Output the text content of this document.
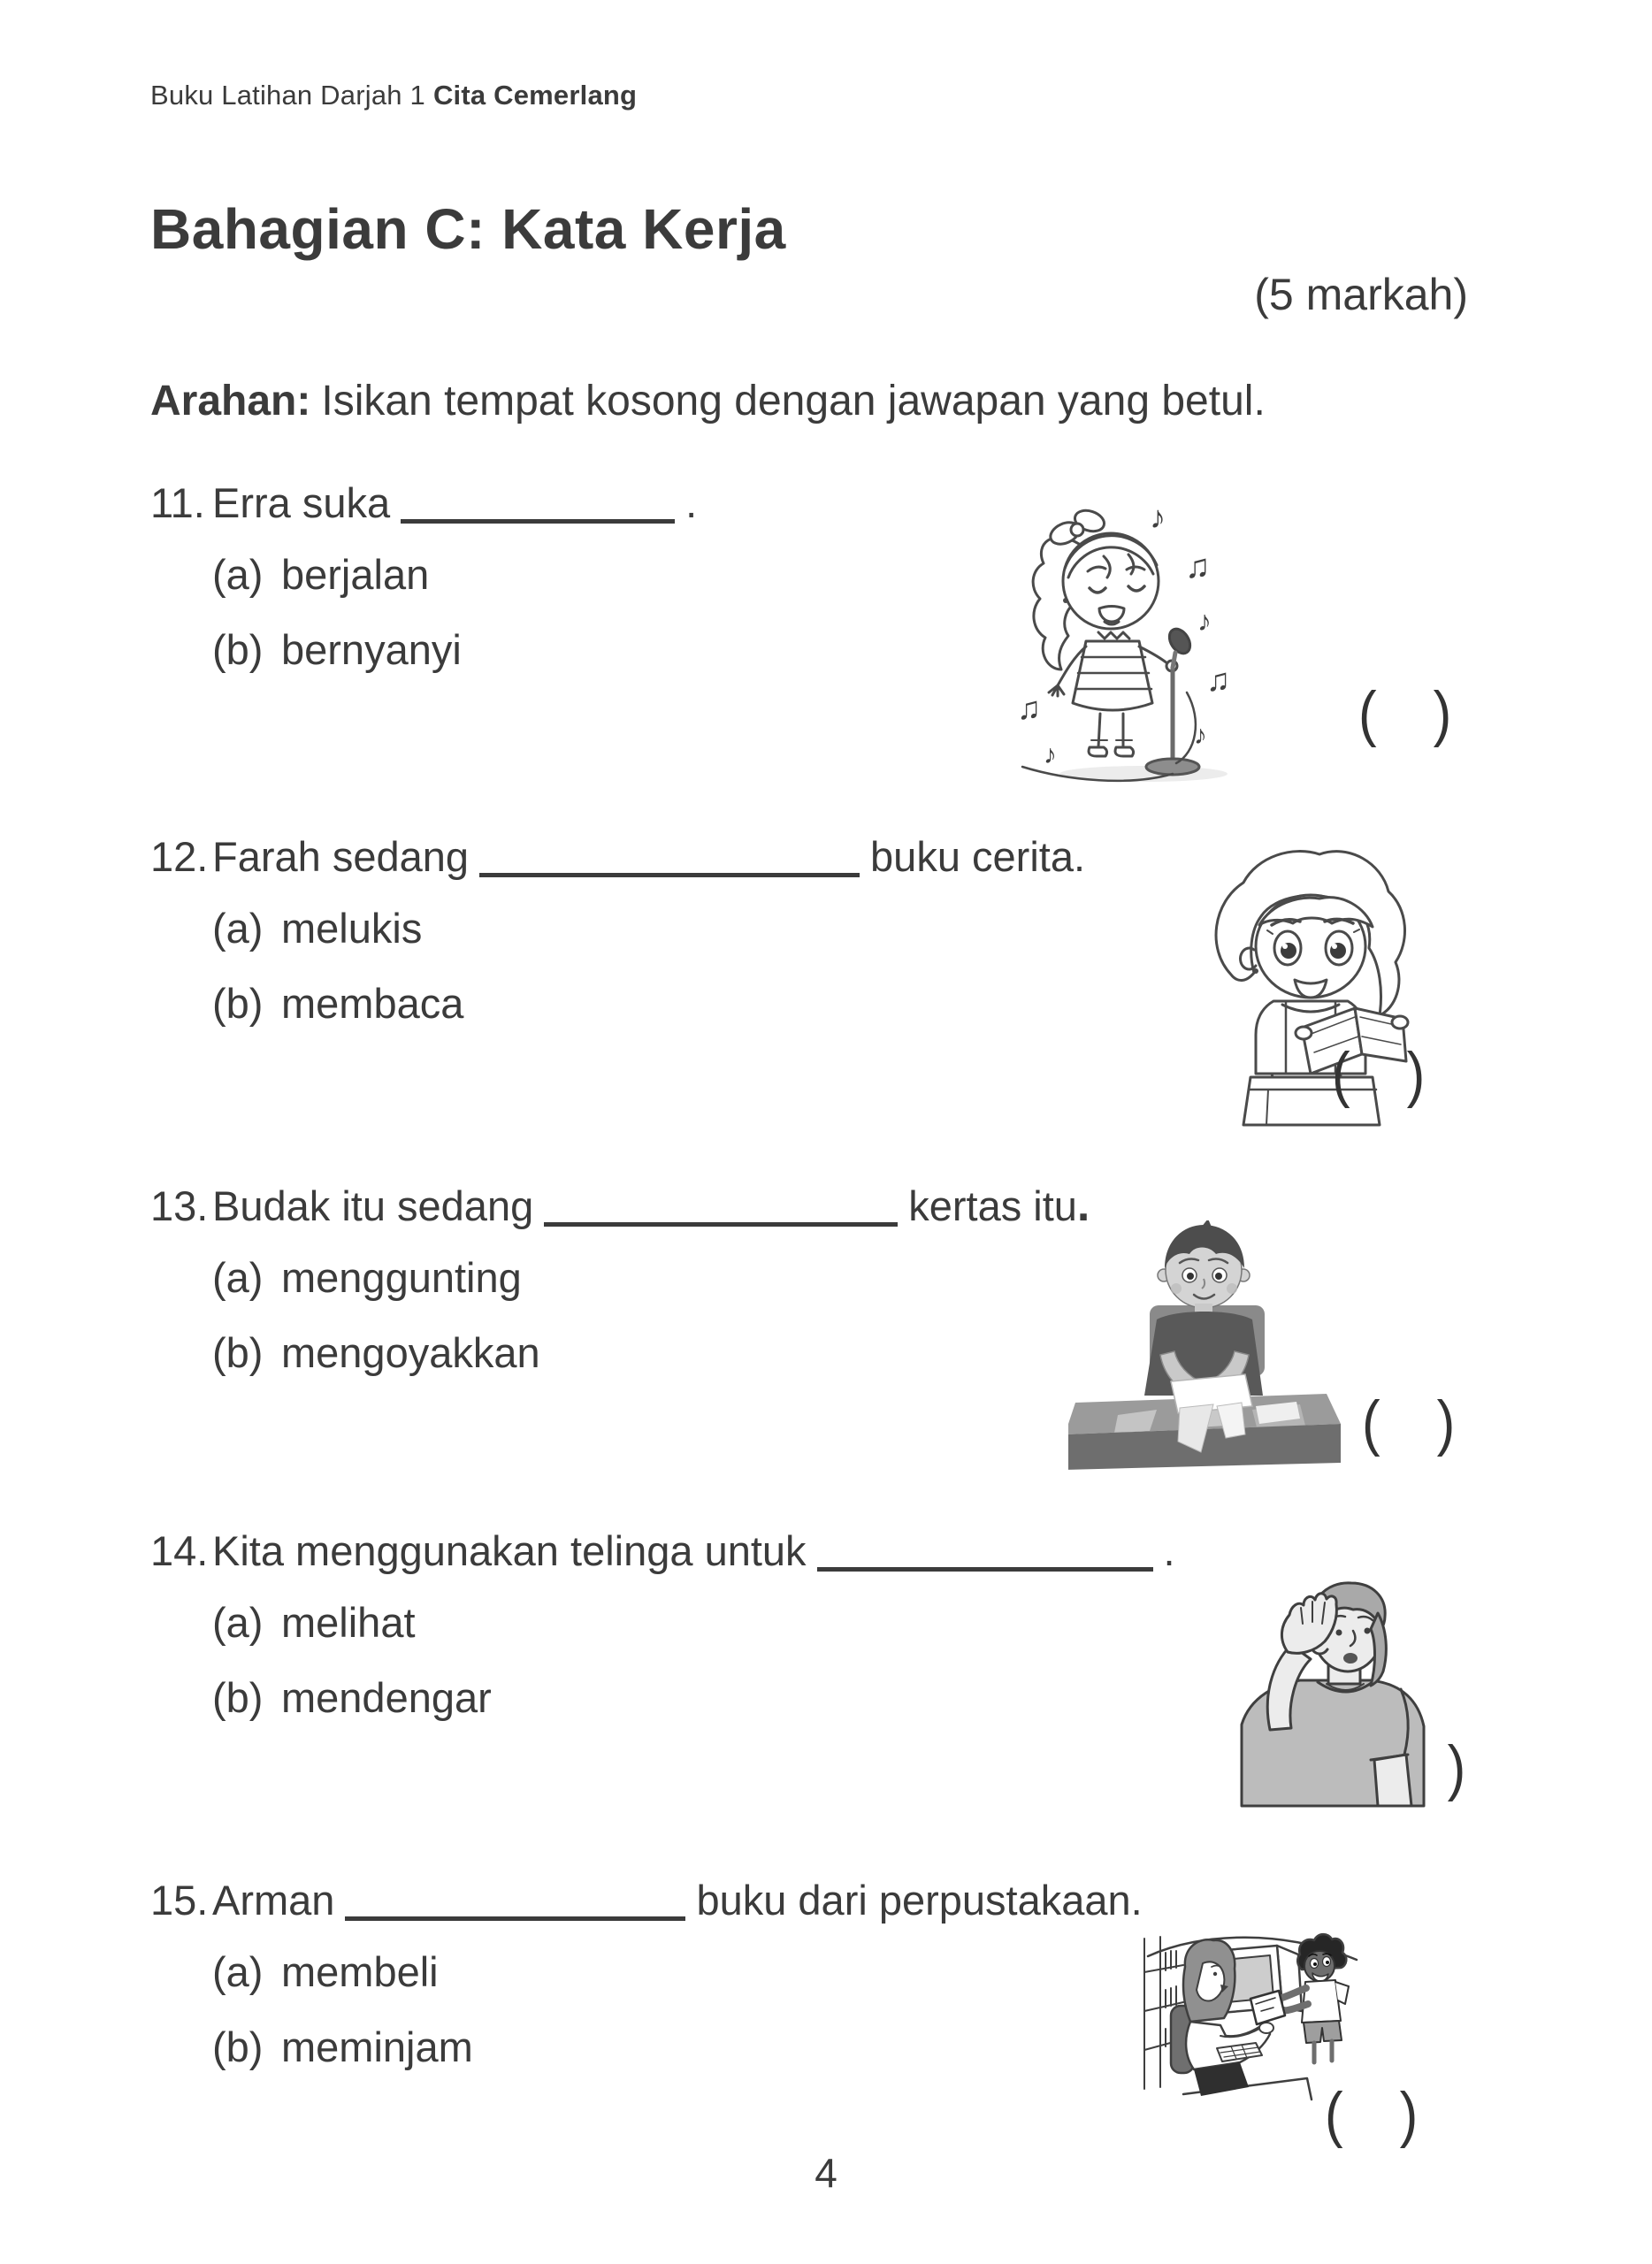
Buku Latihan Darjah 1 Cita Cemerlang
Bahagian C: Kata Kerja
(5 markah)
Arahan: Isikan tempat kosong dengan jawapan yang betul.
11. Erra suka	.
(a) berjalan
(b) bernyanyi
( )
♪
♫
♪
♫
♪
♫
♪
12.Farah sedang	buku cerita.
(a) melukis
(b) membaca
( )
13.Budak itu sedang	kertas itu.
(a) menggunting
(b) mengoyakkan
( )
14.Kita menggunakan telinga untuk	.
(a) melihat
(b) mendengar
)
15.Arman	buku dari perpustakaan.
(a) membeli
(b) meminjam
( )
4
